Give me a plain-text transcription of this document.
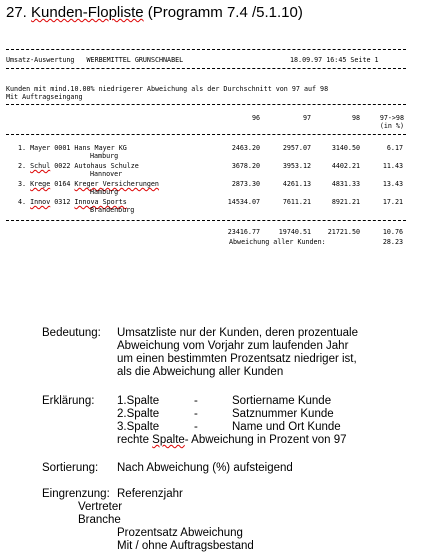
27. Kunden-Flopliste (Programm 7.4 /5.1.10)
Umsatz-Auswertung   WERBEMITTEL GRUNSCHNABEL	18.09.97 16:45 Seite 1
Kunden mit mind.10.00% niedrigerer Abweichung als der Durchschnitt von 97 auf 98
Mit Auftragseingang
96	97	98	97->98
(in %)
1. Mayer 0001 Hans Mayer KG
Hamburg
2463.20	2957.07	3140.50	6.17
2. Schul 0022 Autohaus Schulze
Hannover
3678.20	3953.12	4402.21	11.43
3. Krege 0164 Kreger Versicherungen
Hamburg
2873.30	4261.13	4831.33	13.43
4. Innov 0312 Innova Sports
Brandenburg
14534.07	7611.21	8921.21	17.21
23416.77	19740.51	21721.50	10.76
Abweichung aller Kunden:	28.23
Bedeutung: Umsatzliste nur der Kunden, deren prozentuale
Abweichung vom Vorjahr zum laufenden Jahr
um einen bestimmten Prozentsatz niedriger ist,
als die Abweichung aller Kunden
Erklärung: 1.Spalte	-	Sortiername Kunde
2.Spalte	-	Satznummer Kunde
3.Spalte	-	Name und Ort Kunde
rechte Spalte- Abweichung in Prozent von 97
Sortierung: Nach Abweichung (%) aufsteigend
Eingrenzung: Referenzjahr
Vertreter
Branche
Prozentsatz Abweichung
Mit / ohne Auftragsbestand
